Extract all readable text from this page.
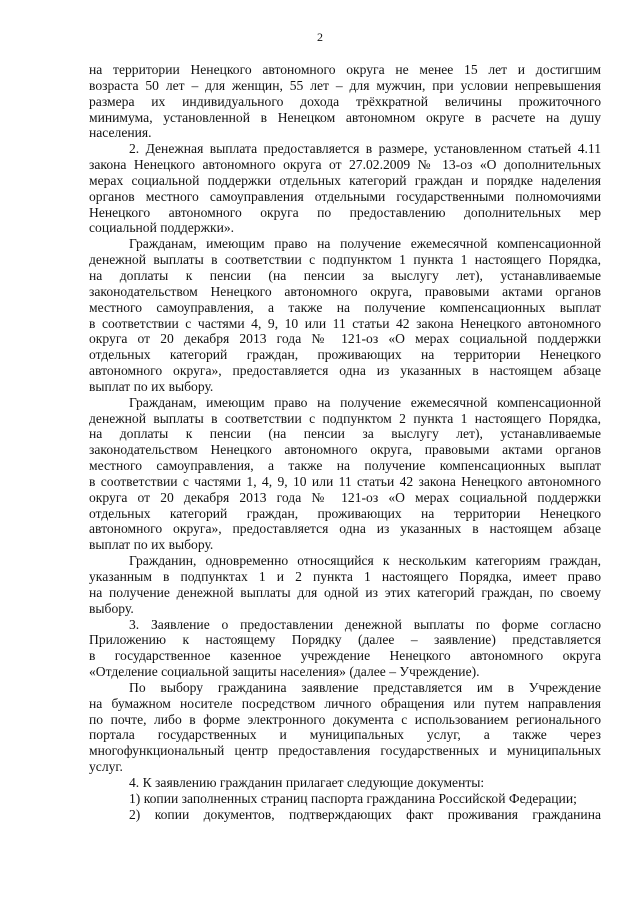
2

на территории Ненецкого автономного округа не менее 15 лет и достигшим

возраста 50 лет – для женщин, 55 лет – для мужчин, при условии непревышения

размера их индивидуального дохода трёхкратной величины прожиточного

минимума, установленной в Ненецком автономном округе в расчете на душу

населения.

2. Денежная выплата предоставляется в размере, установленном статьей 4.11

закона Ненецкого автономного округа от 27.02.2009 № 13-оз «О дополнительных

мерах социальной поддержки отдельных категорий граждан и порядке наделения

органов местного самоуправления отдельными государственными полномочиями

Ненецкого автономного округа по предоставлению дополнительных мер

социальной поддержки».

Гражданам, имеющим право на получение ежемесячной компенсационной

денежной выплаты в соответствии с подпунктом 1 пункта 1 настоящего Порядка,

на доплаты к пенсии (на пенсии за выслугу лет), устанавливаемые

законодательством Ненецкого автономного округа, правовыми актами органов

местного самоуправления, а также на получение компенсационных выплат

в соответствии с частями 4, 9, 10 или 11 статьи 42 закона Ненецкого автономного

округа от 20 декабря 2013 года № 121-оз «О мерах социальной поддержки

отдельных категорий граждан, проживающих на территории Ненецкого

автономного округа», предоставляется одна из указанных в настоящем абзаце

выплат по их выбору.

Гражданам, имеющим право на получение ежемесячной компенсационной

денежной выплаты в соответствии с подпунктом 2 пункта 1 настоящего Порядка,

на доплаты к пенсии (на пенсии за выслугу лет), устанавливаемые

законодательством Ненецкого автономного округа, правовыми актами органов

местного самоуправления, а также на получение компенсационных выплат

в соответствии с частями 1, 4, 9, 10 или 11 статьи 42 закона Ненецкого автономного

округа от 20 декабря 2013 года № 121-оз «О мерах социальной поддержки

отдельных категорий граждан, проживающих на территории Ненецкого

автономного округа», предоставляется одна из указанных в настоящем абзаце

выплат по их выбору.

Гражданин, одновременно относящийся к нескольким категориям граждан,

указанным в подпунктах 1 и 2 пункта 1 настоящего Порядка, имеет право

на получение денежной выплаты для одной из этих категорий граждан, по своему

выбору.

3. Заявление о предоставлении денежной выплаты по форме согласно

Приложению к настоящему Порядку (далее – заявление) представляется

в государственное казенное учреждение Ненецкого автономного округа

«Отделение социальной защиты населения» (далее – Учреждение).

По выбору гражданина заявление представляется им в Учреждение

на бумажном носителе посредством личного обращения или путем направления

по почте, либо в форме электронного документа с использованием регионального

портала государственных и муниципальных услуг, а также через

многофункциональный центр предоставления государственных и муниципальных

услуг.

4. К заявлению гражданин прилагает следующие документы:

1) копии заполненных страниц паспорта гражданина Российской Федерации;

2) копии документов, подтверждающих факт проживания гражданина
